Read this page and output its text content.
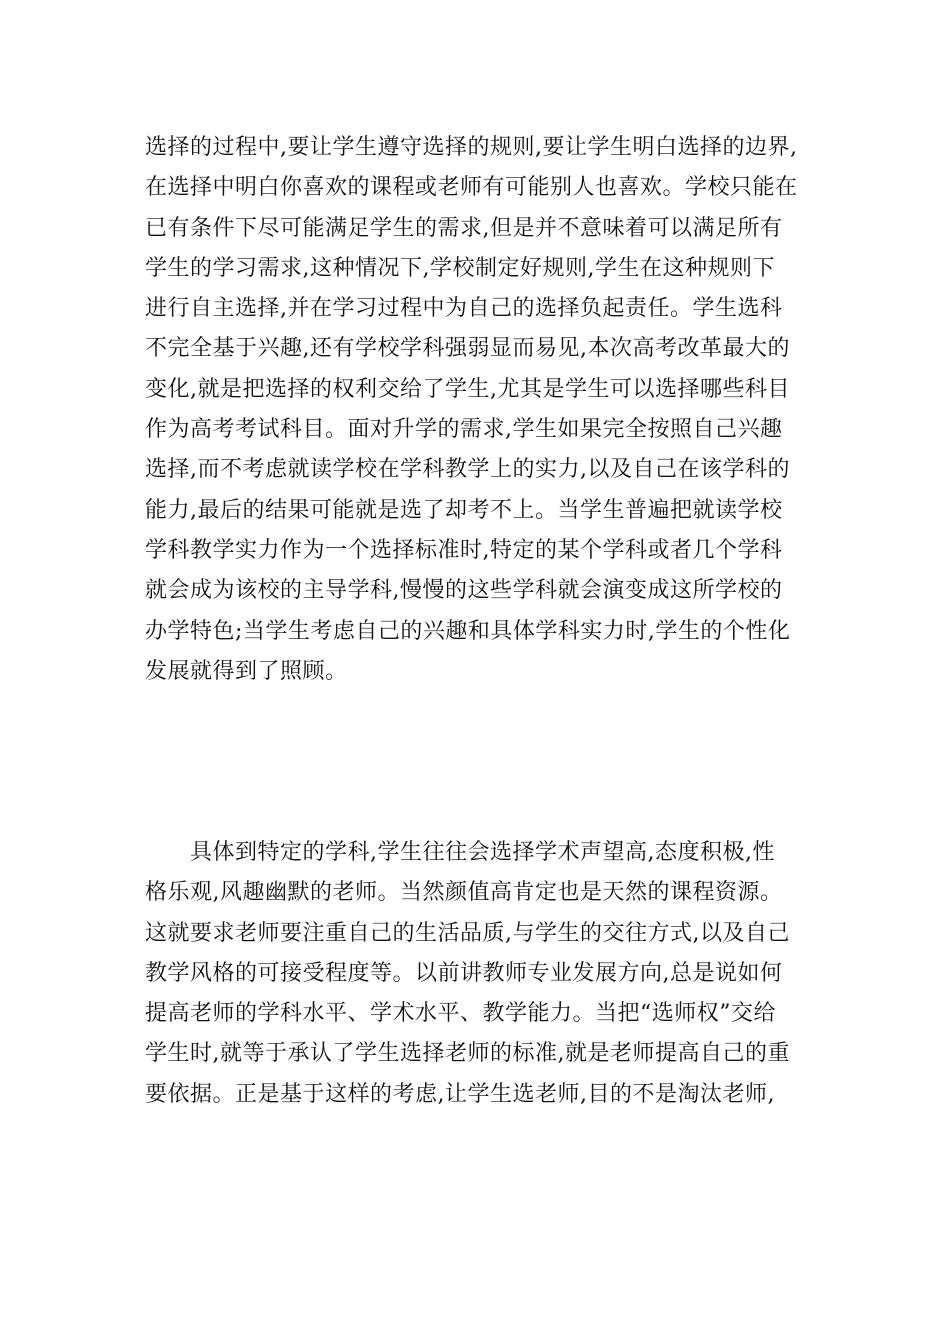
选择的过程中,要让学生遵守选择的规则,要让学生明白选择的边界,
在选择中明白你喜欢的课程或老师有可能别人也喜欢。学校只能在
已有条件下尽可能满足学生的需求,但是并不意味着可以满足所有
学生的学习需求,这种情况下,学校制定好规则,学生在这种规则下
进行自主选择,并在学习过程中为自己的选择负起责任。学生选科
不完全基于兴趣,还有学校学科强弱显而易见,本次高考改革最大的
变化,就是把选择的权利交给了学生,尤其是学生可以选择哪些科目
作为高考考试科目。面对升学的需求,学生如果完全按照自己兴趣
选择,而不考虑就读学校在学科教学上的实力,以及自己在该学科的
能力,最后的结果可能就是选了却考不上。当学生普遍把就读学校
学科教学实力作为一个选择标准时,特定的某个学科或者几个学科
就会成为该校的主导学科,慢慢的这些学科就会演变成这所学校的
办学特色;当学生考虑自己的兴趣和具体学科实力时,学生的个性化
发展就得到了照顾。
　　具体到特定的学科,学生往往会选择学术声望高,态度积极,性
格乐观,风趣幽默的老师。当然颜值高肯定也是天然的课程资源。
这就要求老师要注重自己的生活品质,与学生的交往方式,以及自己
教学风格的可接受程度等。以前讲教师专业发展方向,总是说如何
提高老师的学科水平、学术水平、教学能力。当把“选师权”交给
学生时,就等于承认了学生选择老师的标准,就是老师提高自己的重
要依据。正是基于这样的考虑,让学生选老师,目的不是淘汰老师,
